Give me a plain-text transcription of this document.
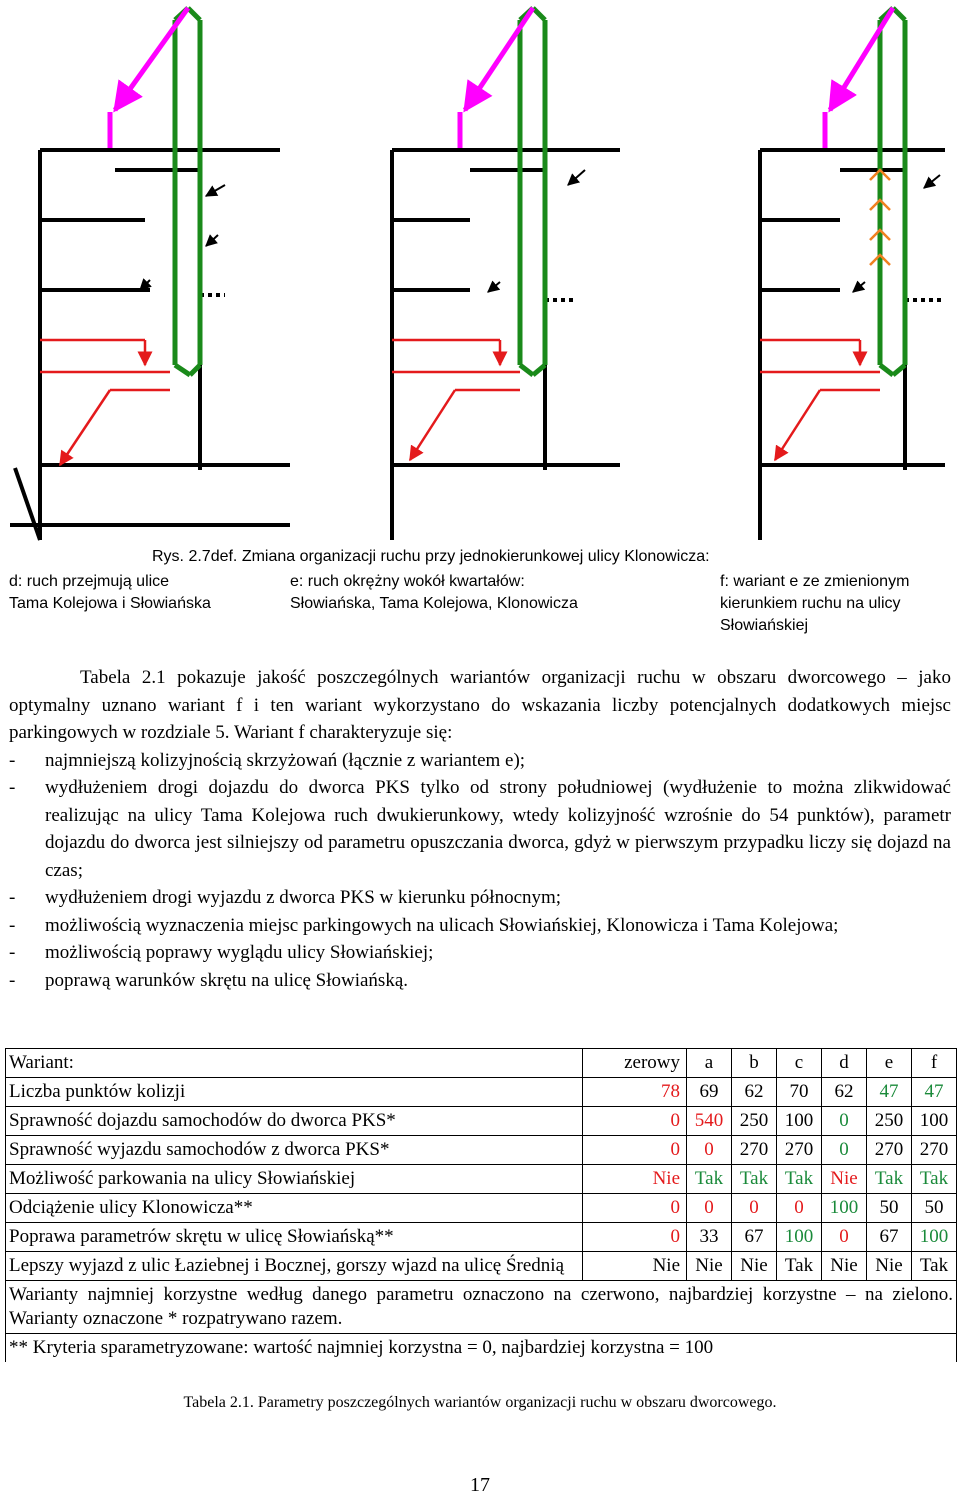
Rys. 2.7def. Zmiana organizacji ruchu przy jednokierunkowej ulicy Klonowicza:
d: ruch przejmują ulice
Tama Kolejowa i Słowiańska
e: ruch okrężny wokół kwartałów:
Słowiańska, Tama Kolejowa, Klonowicza
f: wariant e ze zmienionym
kierunkiem ruchu na ulicy
Słowiańskiej

Tabela 2.1 pokazuje jakość poszczególnych wariantów organizacji ruchu w obszaru dworcowego – jako optymalny uznano wariant f i ten wariant wykorzystano do wskazania liczby potencjalnych dodatkowych miejsc parkingowych w rozdziale 5. Wariant f charakteryzuje się:

- najmniejszą kolizyjnością skrzyżowań (łącznie z wariantem e);
- wydłużeniem drogi dojazdu do dworca PKS tylko od strony południowej (wydłużenie to można zlikwidować realizując na ulicy Tama Kolejowa ruch dwukierunkowy, wtedy kolizyjność wzrośnie do 54 punktów), parametr dojazdu do dworca jest silniejszy od parametru opuszczania dworca, gdyż w pierwszym przypadku liczy się dojazd na czas;
- wydłużeniem drogi wyjazdu z dworca PKS w kierunku północnym;
- możliwością wyznaczenia miejsc parkingowych na ulicach Słowiańskiej, Klonowicza i Tama Kolejowa;
- możliwością poprawy wyglądu ulicy Słowiańskiej;
- poprawą warunków skrętu na ulicę Słowiańską.
Wariant:	zerowy	a	b	c	d	e	f
Liczba punktów kolizji	78	69	62	70	62	47	47
Sprawność dojazdu samochodów do dworca PKS*	0	540	250	100	0	250	100
Sprawność wyjazdu samochodów z dworca PKS*	0	0	270	270	0	270	270
Możliwość parkowania na ulicy Słowiańskiej	Nie	Tak	Tak	Tak	Nie	Tak	Tak
Odciążenie ulicy Klonowicza**	0	0	0	0	100	50	50
Poprawa parametrów skrętu w ulicę Słowiańską**	0	33	67	100	0	67	100
Lepszy wyjazd z ulic Łaziebnej i Bocznej, gorszy wjazd na ulicę Średnią	Nie	Nie	Nie	Tak	Nie	Nie	Tak
Warianty najmniej korzystne według danego parametru oznaczono na czerwono, najbardziej korzystne – na zielono. Warianty oznaczone * rozpatrywano razem.							
** Kryteria sparametryzowane: wartość najmniej korzystna = 0, najbardziej korzystna = 100							
Tabela 2.1. Parametry poszczególnych wariantów organizacji ruchu w obszaru dworcowego.
17
